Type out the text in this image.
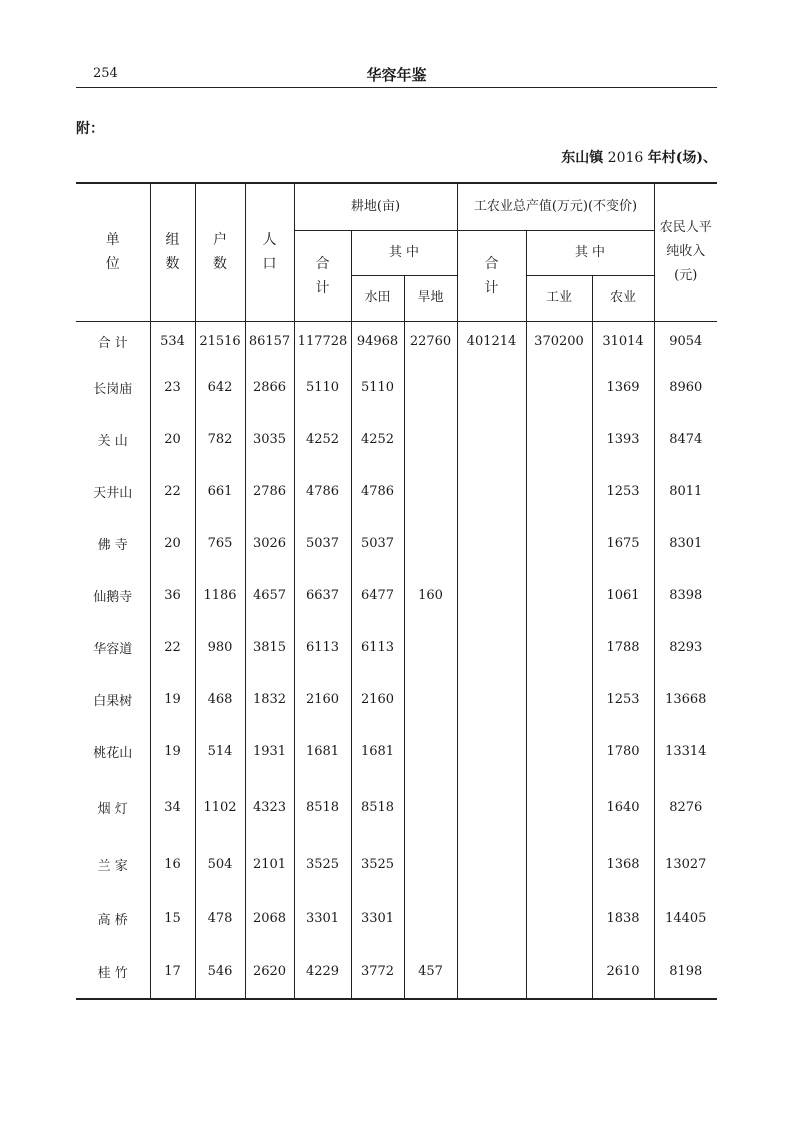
254	华容年鉴
附：
东山镇 2016 年村(场)、
单位	组数	户数	人口	耕地(亩)			工农业总产值(万元)(不变价)			农民人平纯收入(元)
				合计	其 中		合计	其 中		
					水田	旱地		工业	农业	
合 计	534	21516	86157	117728	94968	22760	401214	370200	31014	9054
长岗庙	23	642	2866	5110	5110				1369	8960
关 山	20	782	3035	4252	4252				1393	8474
天井山	22	661	2786	4786	4786				1253	8011
佛 寺	20	765	3026	5037	5037				1675	8301
仙鹅寺	36	1186	4657	6637	6477	160			1061	8398
华容道	22	980	3815	6113	6113				1788	8293
白果树	19	468	1832	2160	2160				1253	13668
桃花山	19	514	1931	1681	1681				1780	13314
烟 灯	34	1102	4323	8518	8518				1640	8276
兰 家	16	504	2101	3525	3525				1368	13027
高 桥	15	478	2068	3301	3301				1838	14405
桂 竹	17	546	2620	4229	3772	457			2610	8198
